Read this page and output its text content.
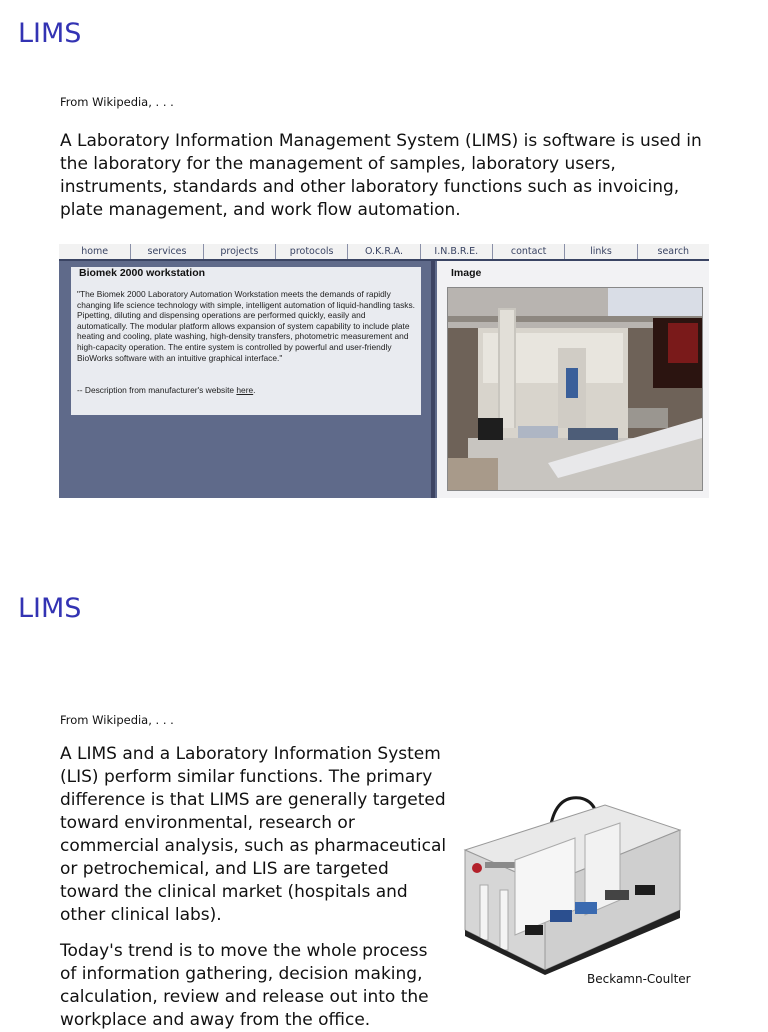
LIMS
From Wikipedia, . . .

A Laboratory Information Management System (LIMS) is software is used in the laboratory for the management of samples, laboratory users, instruments, standards and other laboratory functions such as invoicing, plate management, and work flow automation.

home	services	projects	protocols	O.K.R.A.	I.N.B.R.E.	contact	links	search
Biomek 2000 workstation

"The Biomek 2000 Laboratory Automation Workstation meets the demands of rapidly changing life science technology with simple, intelligent automation of liquid-handling tasks. Pipetting, diluting and dispensing operations are performed quickly, easily and automatically. The modular platform allows expansion of system capability to include plate heating and cooling, plate washing, high-density transfers, photometric measurement and high-capacity operation. The entire system is controlled by powerful and user-friendly BioWorks software with an intuitive graphical interface."

-- Description from manufacturer's website here.
Image
LIMS
From Wikipedia, . . .

A LIMS and a Laboratory Information System (LIS) perform similar functions. The primary difference is that LIMS are generally targeted toward environmental, research or commercial analysis, such as pharmaceutical or petrochemical, and LIS are targeted toward the clinical market (hospitals and other clinical labs).

Today's trend is to move the whole process of information gathering, decision making, calculation, review and release out into the workplace and away from the office.

Beckamn-Coulter
